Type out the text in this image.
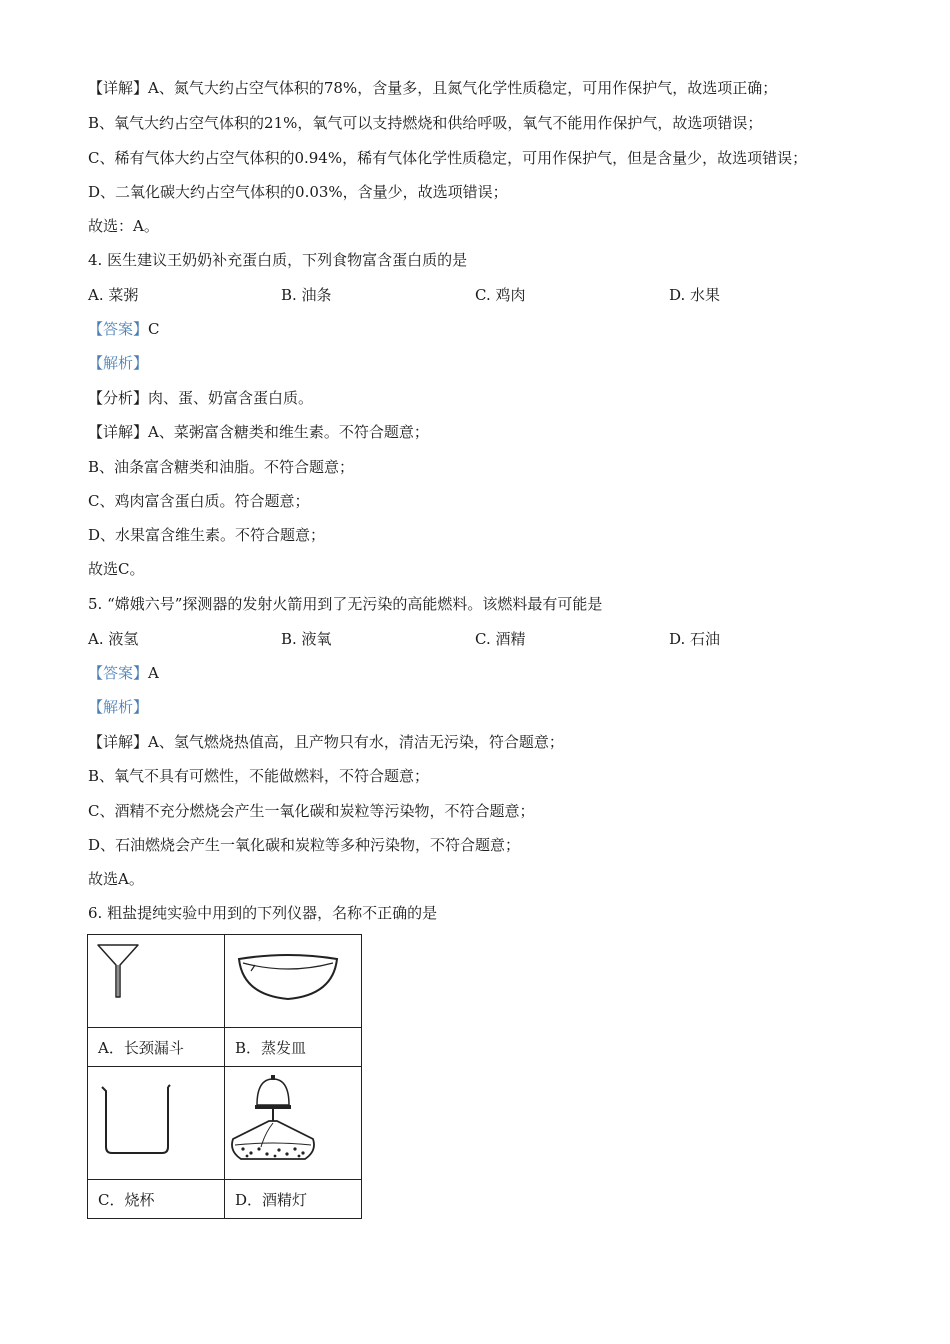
【详解】A、氮气大约占空气体积的78%，含量多，且氮气化学性质稳定，可用作保护气，故选项正确；
B、氧气大约占空气体积的21%，氧气可以支持燃烧和供给呼吸，氧气不能用作保护气，故选项错误；
C、稀有气体大约占空气体积的0.94%，稀有气体化学性质稳定，可用作保护气，但是含量少，故选项错误；
D、二氧化碳大约占空气体积的0.03%，含量少，故选项错误；
故选：A。
4. 医生建议王奶奶补充蛋白质，下列食物富含蛋白质的是
A. 菜粥	B. 油条	C. 鸡肉	D. 水果
【答案】C
【解析】
【分析】肉、蛋、奶富含蛋白质。
【详解】A、菜粥富含糖类和维生素。不符合题意；
B、油条富含糖类和油脂。不符合题意；
C、鸡肉富含蛋白质。符合题意；
D、水果富含维生素。不符合题意；
故选C。
5. “嫦娥六号”探测器的发射火箭用到了无污染的高能燃料。该燃料最有可能是
A. 液氢	B. 液氧	C. 酒精	D. 石油
【答案】A
【解析】
【详解】A、氢气燃烧热值高，且产物只有水，清洁无污染，符合题意；
B、氧气不具有可燃性，不能做燃料，不符合题意；
C、酒精不充分燃烧会产生一氧化碳和炭粒等污染物，不符合题意；
D、石油燃烧会产生一氧化碳和炭粒等多种污染物，不符合题意；
故选A。
6. 粗盐提纯实验中用到的下列仪器，名称不正确的是

A．长颈漏斗	B．蒸发皿

C．烧杯	D．酒精灯
